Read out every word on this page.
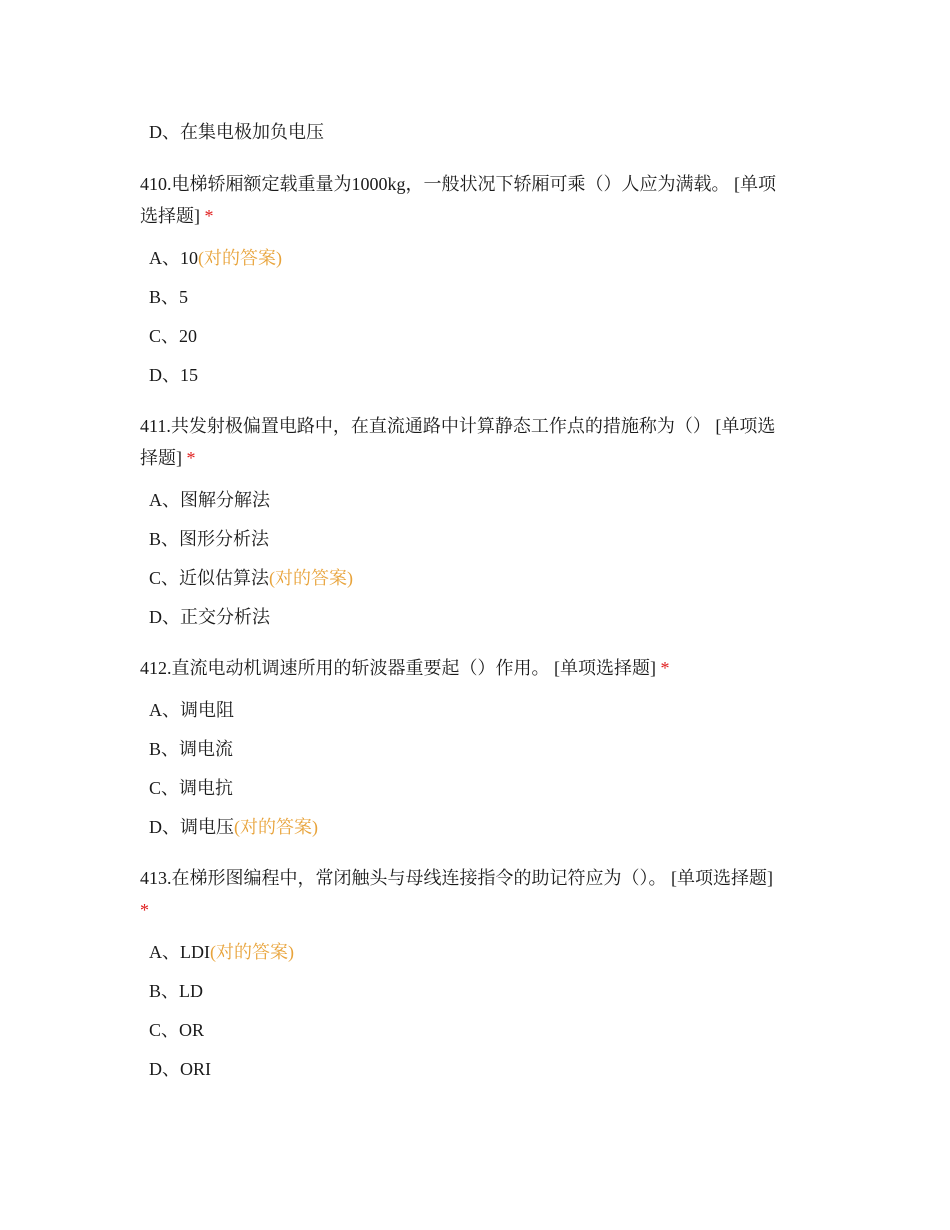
D、在集电极加负电压
410.电梯轿厢额定载重量为1000kg，一般状况下轿厢可乘（）人应为满载。 [单项
选择题] *
A、10(对的答案)
B、5
C、20
D、15
411.共发射极偏置电路中，在直流通路中计算静态工作点的措施称为（） [单项选
择题] *
A、图解分解法
B、图形分析法
C、近似估算法(对的答案)
D、正交分析法
412.直流电动机调速所用的斩波器重要起（）作用。 [单项选择题] *
A、调电阻
B、调电流
C、调电抗
D、调电压(对的答案)
413.在梯形图编程中，常闭触头与母线连接指令的助记符应为（）。 [单项选择题]
*
A、LDI(对的答案)
B、LD
C、OR
D、ORI
